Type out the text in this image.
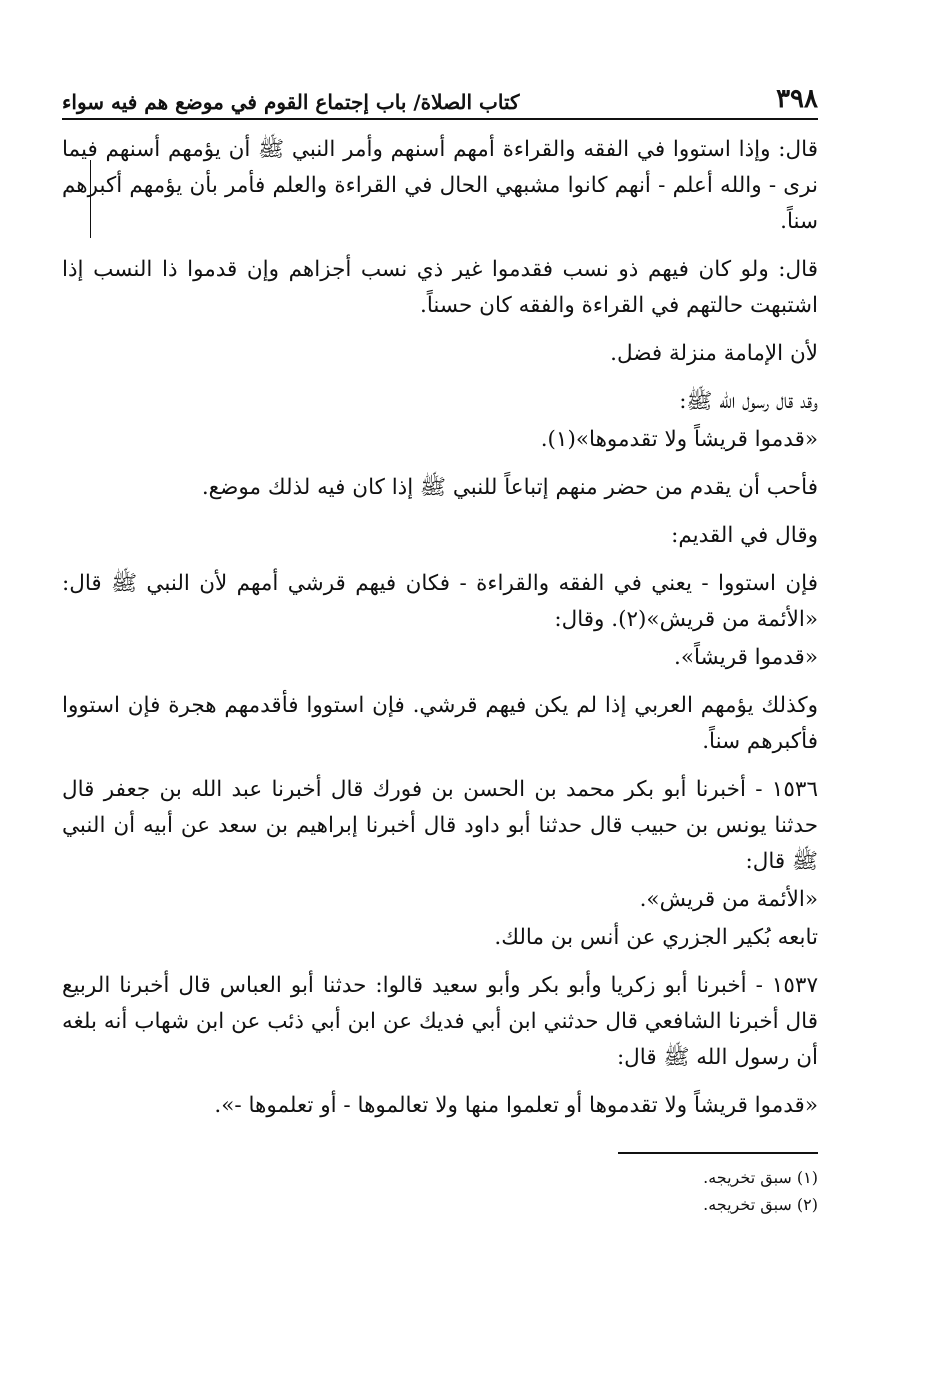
٣٩٨
كتاب الصلاة/ باب إجتماع القوم في موضع هم فيه سواء

قال: وإذا استووا في الفقه والقراءة أمهم أسنهم وأمر النبي ﷺ أن يؤمهم أسنهم فيما نرى - والله أعلم - أنهم كانوا مشبهي الحال في القراءة والعلم فأمر بأن يؤمهم أكبرهم سناً.

قال: ولو كان فيهم ذو نسب فقدموا غير ذي نسب أجزاهم وإن قدموا ذا النسب إذا اشتبهت حالتهم في القراءة والفقه كان حسناً.

لأن الإمامة منزلة فضل.

وقد قال رسول الله ﷺ:

«قدموا قريشاً ولا تقدموها»(١).

فأحب أن يقدم من حضر منهم إتباعاً للنبي ﷺ إذا كان فيه لذلك موضع.

وقال في القديم:

فإن استووا - يعني في الفقه والقراءة - فكان فيهم قرشي أمهم لأن النبي ﷺ قال: «الأئمة من قريش»(٢). وقال:

«قدموا قريشاً».

وكذلك يؤمهم العربي إذا لم يكن فيهم قرشي. فإن استووا فأقدمهم هجرة فإن استووا فأكبرهم سناً.

١٥٣٦ - أخبرنا أبو بكر محمد بن الحسن بن فورك قال أخبرنا عبد الله بن جعفر قال حدثنا يونس بن حبيب قال حدثنا أبو داود قال أخبرنا إبراهيم بن سعد عن أبيه أن النبي ﷺ قال:

«الأئمة من قريش».

تابعه بُكير الجزري عن أنس بن مالك.

١٥٣٧ - أخبرنا أبو زكريا وأبو بكر وأبو سعيد قالوا: حدثنا أبو العباس قال أخبرنا الربيع قال أخبرنا الشافعي قال حدثني ابن أبي فديك عن ابن أبي ذئب عن ابن شهاب أنه بلغه أن رسول الله ﷺ قال:

«قدموا قريشاً ولا تقدموها أو تعلموا منها ولا تعالموها - أو تعلموها -».

(١) سبق تخريجه.
(٢) سبق تخريجه.
